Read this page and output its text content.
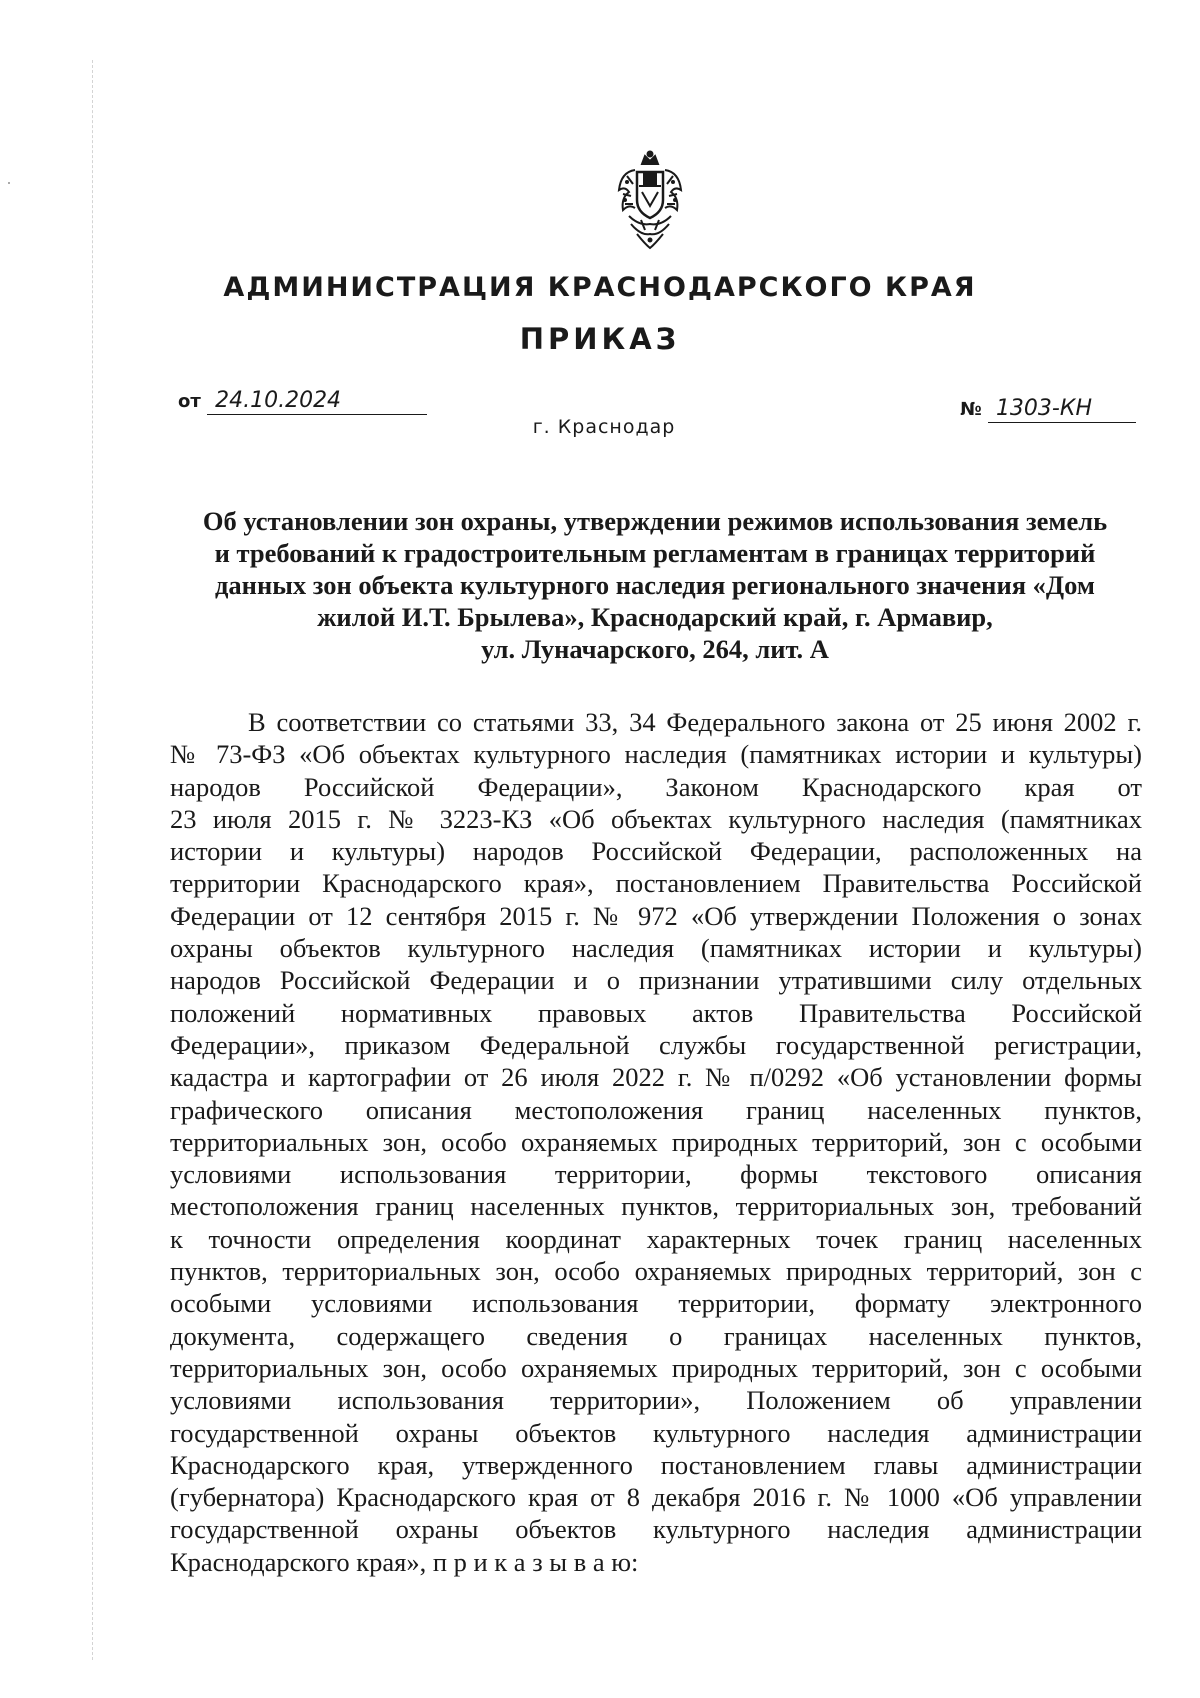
АДМИНИСТРАЦИЯ КРАСНОДАРСКОГО КРАЯ
ПРИКАЗ
от 24.10.2024
г. Краснодар
№ 1303-КН
Об установлении зон охраны, утверждении режимов использования земель
и требований к градостроительным регламентам в границах территорий
данных зон объекта культурного наследия регионального значения «Дом
жилой И.Т. Брылева», Краснодарский край, г. Армавир,
ул. Луначарского, 264, лит. А
В соответствии со статьями 33, 34 Федерального закона от 25 июня 2002 г.
№ 73-ФЗ «Об объектах культурного наследия (памятниках истории и культуры)
народов Российской Федерации», Законом Краснодарского края от
23 июля 2015 г. № 3223-КЗ «Об объектах культурного наследия (памятниках
истории и культуры) народов Российской Федерации, расположенных на
территории Краснодарского края», постановлением Правительства Российской
Федерации от 12 сентября 2015 г. № 972 «Об утверждении Положения о зонах
охраны объектов культурного наследия (памятниках истории и культуры)
народов Российской Федерации и о признании утратившими силу отдельных
положений нормативных правовых актов Правительства Российской
Федерации», приказом Федеральной службы государственной регистрации,
кадастра и картографии от 26 июля 2022 г. № п/0292 «Об установлении формы
графического описания местоположения границ населенных пунктов,
территориальных зон, особо охраняемых природных территорий, зон с особыми
условиями использования территории, формы текстового описания
местоположения границ населенных пунктов, территориальных зон, требований
к точности определения координат характерных точек границ населенных
пунктов, территориальных зон, особо охраняемых природных территорий, зон с
особыми условиями использования территории, формату электронного
документа, содержащего сведения о границах населенных пунктов,
территориальных зон, особо охраняемых природных территорий, зон с особыми
условиями использования территории», Положением об управлении
государственной охраны объектов культурного наследия администрации
Краснодарского края, утвержденного постановлением главы администрации
(губернатора) Краснодарского края от 8 декабря 2016 г. № 1000 «Об управлении
государственной охраны объектов культурного наследия администрации
Краснодарского края», п р и к а з ы в а ю:
